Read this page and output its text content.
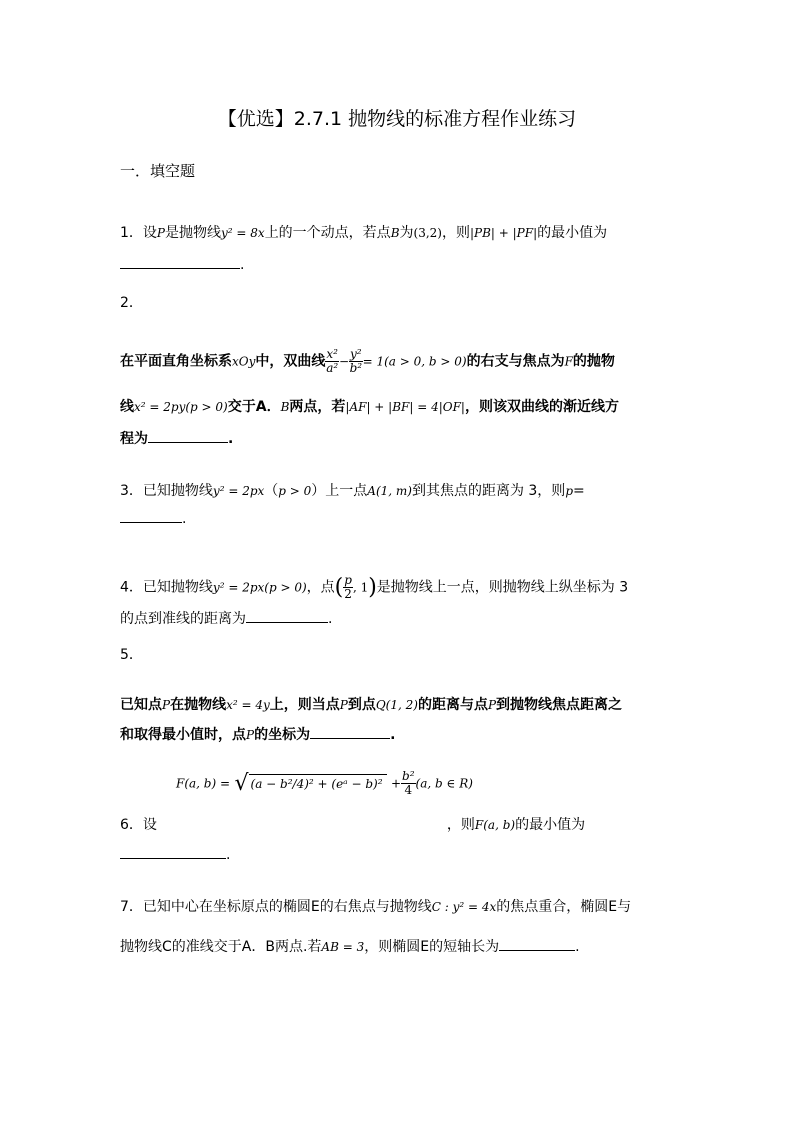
【优选】2.7.1 抛物线的标准方程作业练习
一．填空题
1．设P是抛物线y² = 8x上的一个动点，若点B为(3,2)，则|PB| + |PF|的最小值为
.
2．
在平面直角坐标系xOy中，双曲线 $\frac{\text{x²}}{\text{a²}} - \frac{\text{y²}}{\text{b²}} = 1(a > 0$, b > 0)的右支与焦点为F的抛物
线x² = 2py(p > 0)交于A．B两点，若|AF| + |BF| = 4|OF|，则该双曲线的渐近线方
程为	.
3．已知抛物线y² = 2px（p > 0）上一点A(1, m)到其焦点的距离为 3，则p=
.
4．已知抛物线y² = 2px(p > 0)，点( $\frac{p}{2}$ , 1)是抛物线上一点，则抛物线上纵坐标为 3
的点到准线的距离为	.
5．
已知点P在抛物线x² = 4y上，则当点P到点Q(1, 2)的距离与点P到抛物线焦点距离之
和取得最小值时，点P的坐标为	.
F(a, b) = √ (a − b²/4)² + (eᵃ − $b)^2 + \frac{\text{b²}}{4} (a$, b ∈ R)
6．设	，则F(a, b)的最小值为
.
7．已知中心在坐标原点的椭圆E的右焦点与抛物线C : y² = 4x的焦点重合，椭圆E与
抛物线C的准线交于A．B两点.若AB = 3，则椭圆E的短轴长为	.
